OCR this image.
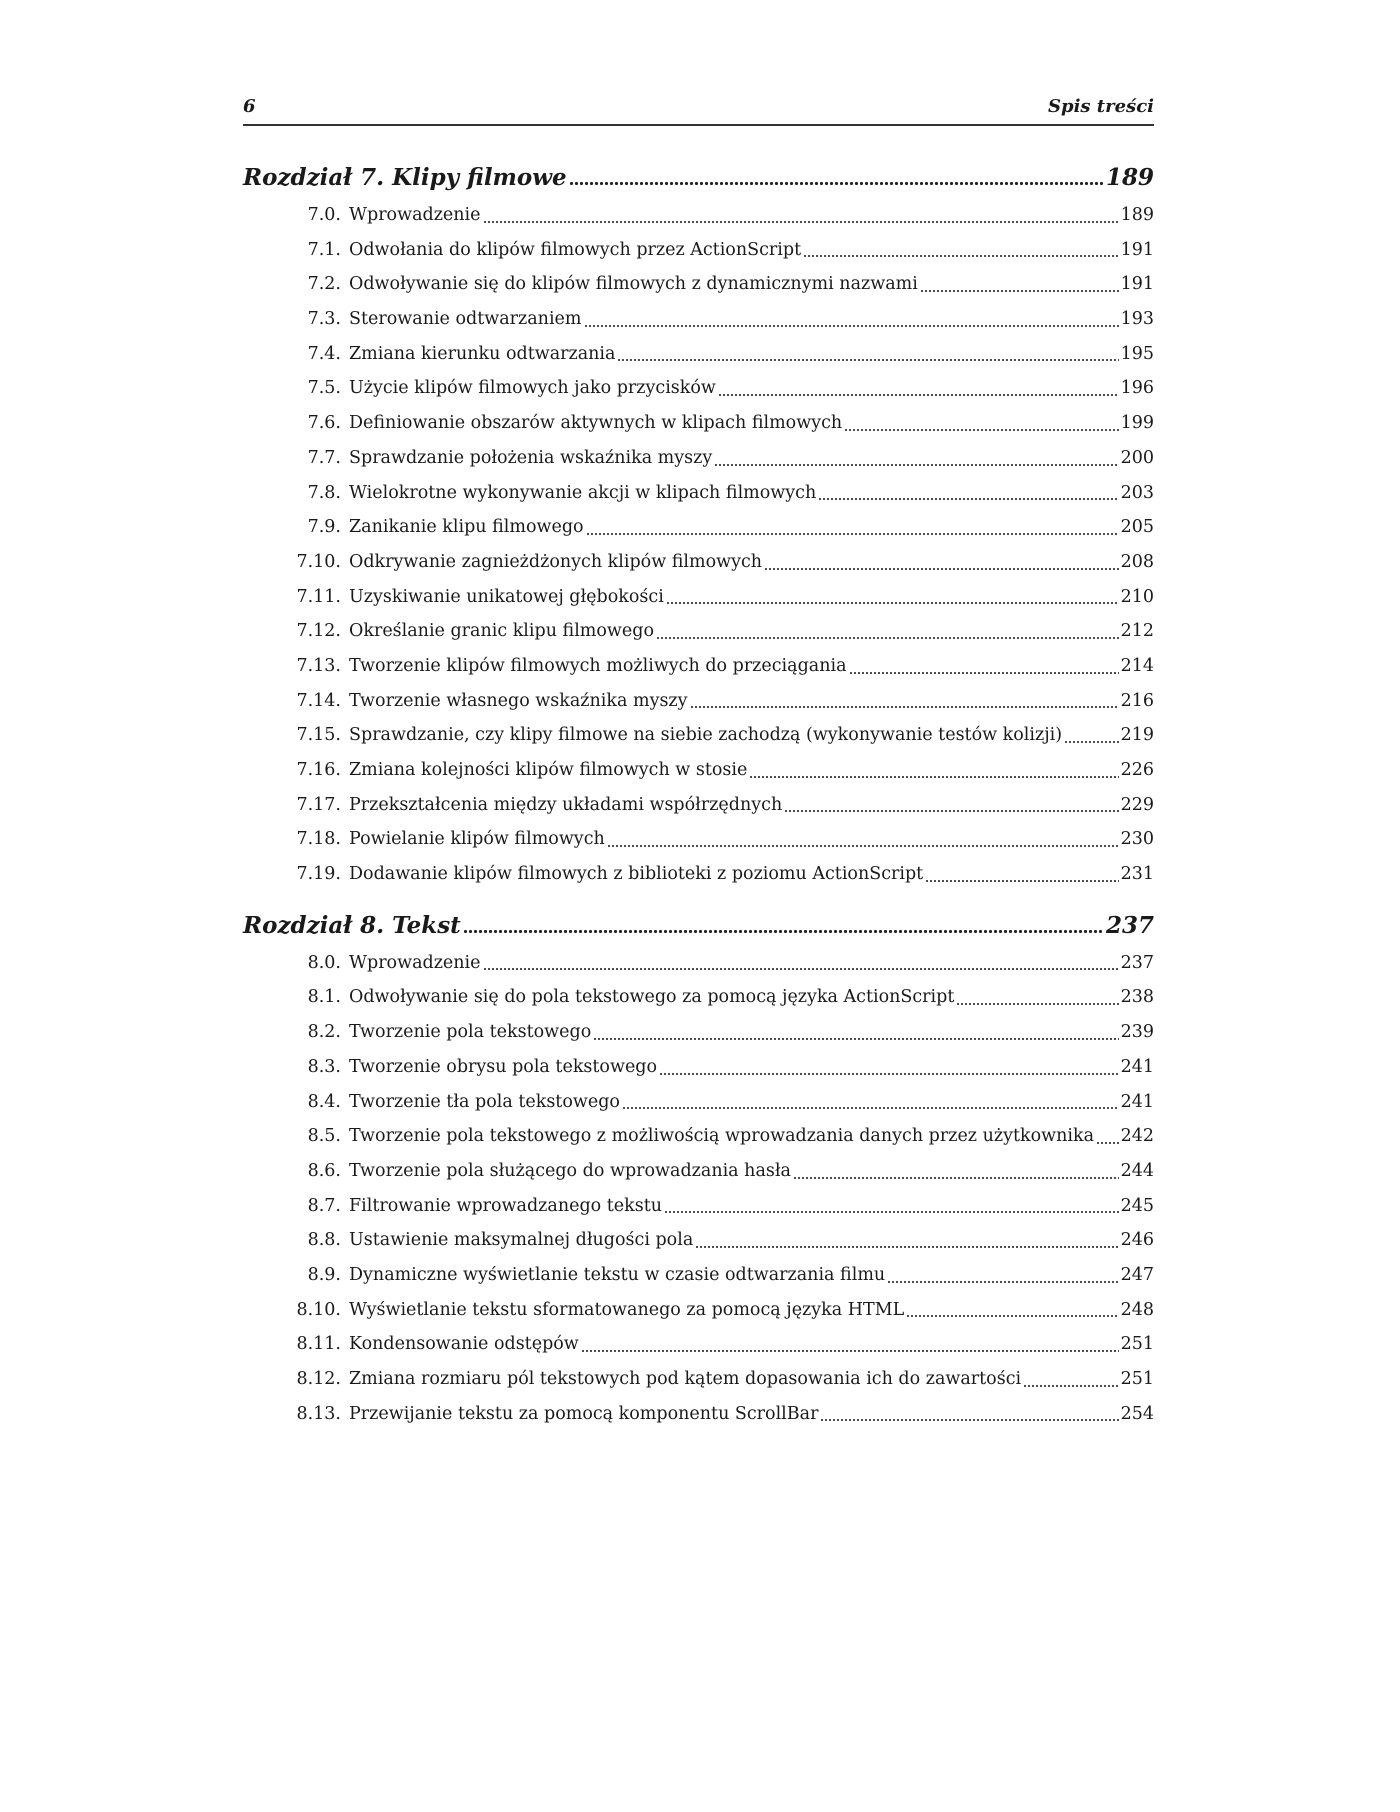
6	Spis treści
Rozdział 7. Klipy filmowe	189
7.0. Wprowadzenie	189
7.1. Odwołania do klipów filmowych przez ActionScript	191
7.2. Odwoływanie się do klipów filmowych z dynamicznymi nazwami	191
7.3. Sterowanie odtwarzaniem	193
7.4. Zmiana kierunku odtwarzania	195
7.5. Użycie klipów filmowych jako przycisków	196
7.6. Definiowanie obszarów aktywnych w klipach filmowych	199
7.7. Sprawdzanie położenia wskaźnika myszy	200
7.8. Wielokrotne wykonywanie akcji w klipach filmowych	203
7.9. Zanikanie klipu filmowego	205
7.10. Odkrywanie zagnieżdżonych klipów filmowych	208
7.11. Uzyskiwanie unikatowej głębokości	210
7.12. Określanie granic klipu filmowego	212
7.13. Tworzenie klipów filmowych możliwych do przeciągania	214
7.14. Tworzenie własnego wskaźnika myszy	216
7.15. Sprawdzanie, czy klipy filmowe na siebie zachodzą (wykonywanie testów kolizji)	219
7.16. Zmiana kolejności klipów filmowych w stosie	226
7.17. Przekształcenia między układami współrzędnych	229
7.18. Powielanie klipów filmowych	230
7.19. Dodawanie klipów filmowych z biblioteki z poziomu ActionScript	231
Rozdział 8. Tekst	237
8.0. Wprowadzenie	237
8.1. Odwoływanie się do pola tekstowego za pomocą języka ActionScript	238
8.2. Tworzenie pola tekstowego	239
8.3. Tworzenie obrysu pola tekstowego	241
8.4. Tworzenie tła pola tekstowego	241
8.5. Tworzenie pola tekstowego z możliwością wprowadzania danych przez użytkownika 242
8.6. Tworzenie pola służącego do wprowadzania hasła	244
8.7. Filtrowanie wprowadzanego tekstu	245
8.8. Ustawienie maksymalnej długości pola	246
8.9. Dynamiczne wyświetlanie tekstu w czasie odtwarzania filmu	247
8.10. Wyświetlanie tekstu sformatowanego za pomocą języka HTML	248
8.11. Kondensowanie odstępów	251
8.12. Zmiana rozmiaru pól tekstowych pod kątem dopasowania ich do zawartości	251
8.13. Przewijanie tekstu za pomocą komponentu ScrollBar	254
